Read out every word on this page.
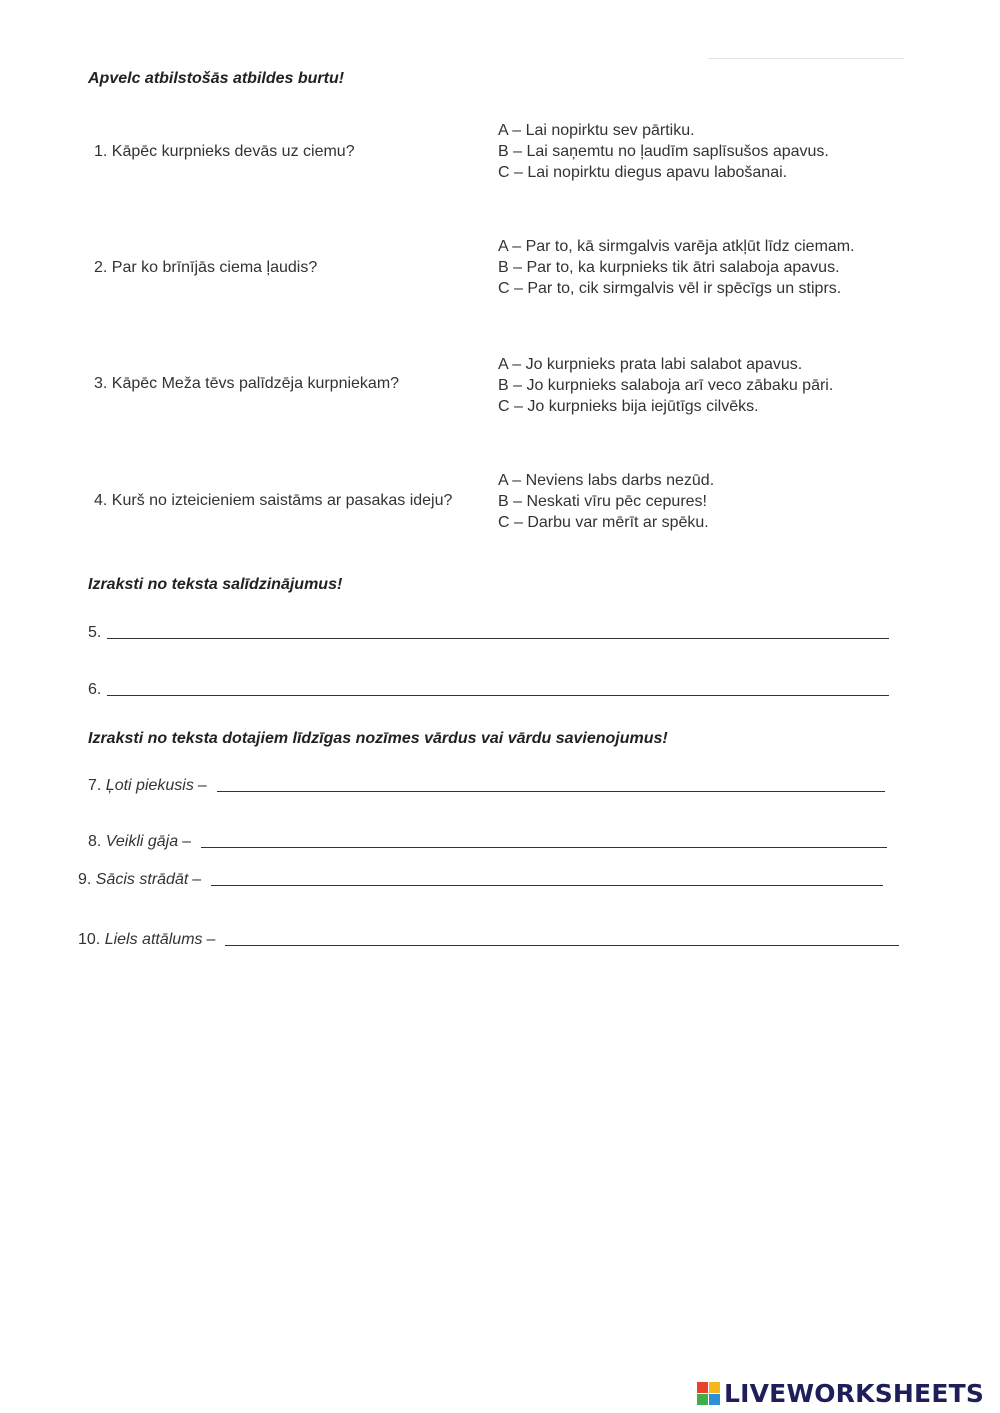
Apvelc atbilstošās atbildes burtu!
1. Kāpēc kurpnieks devās uz ciemu?
A – Lai nopirktu sev pārtiku.
B – Lai saņemtu no ļaudīm saplīsušos apavus.
C – Lai nopirktu diegus apavu labošanai.
2. Par ko brīnījās ciema ļaudis?
A – Par to, kā sirmgalvis varēja atkļūt līdz ciemam.
B – Par to, ka kurpnieks tik ātri salaboja apavus.
C – Par to, cik sirmgalvis vēl ir spēcīgs un stiprs.
3. Kāpēc Meža tēvs palīdzēja kurpniekam?
A – Jo kurpnieks prata labi salabot apavus.
B – Jo kurpnieks salaboja arī veco zābaku pāri.
C – Jo kurpnieks bija iejūtīgs cilvēks.
4. Kurš no izteicieniem saistāms ar pasakas ideju?
A – Neviens labs darbs nezūd.
B – Neskati vīru pēc cepures!
C – Darbu var mērīt ar spēku.
Izraksti no teksta salīdzinājumus!
5.
6.
Izraksti no teksta dotajiem līdzīgas nozīmes vārdus vai vārdu savienojumus!
7.
Ļoti piekusis –
8.
Veikli gāja –
9.
Sācis strādāt –
10.
Liels attālums –
LIVEWORKSHEETS
